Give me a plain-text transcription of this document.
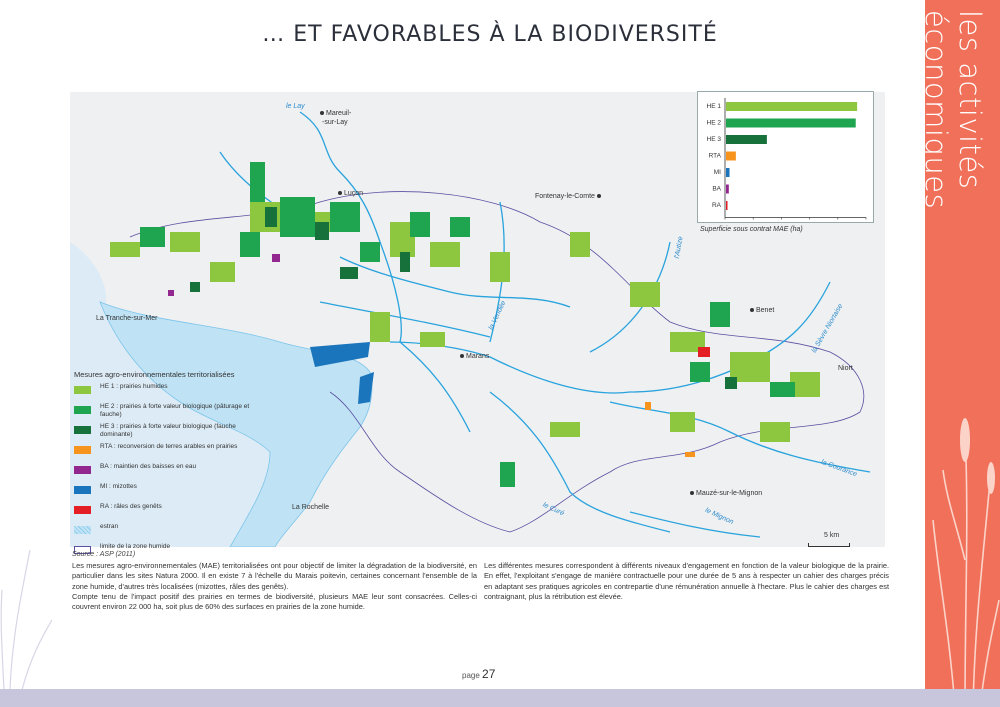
… ET FAVORABLES À LA BIODIVERSITÉ	les activités économiques
Mareuil-
-sur-Lay
Luçon	Fontenay-le-Comte
La Tranche-sur-Mer
Marans
Benet
Niort
La Rochelle
Mauzé-sur-le-Mignon
le Lay
la Vendée
l'Autize
la Sèvre Niortaise
la Courance
le Curé	le Mignon
5 km
HE 1
HE 2
HE 3
RTA
MI
BA
RA
Superficie sous contrat MAE (ha)
Mesures agro-environnementales territorialisées
HE 1 : prairies humides
HE 2 : prairies à forte valeur biologique (pâturage et fauche)
HE 3 : prairies à forte valeur biologique (fauche dominante)
RTA : reconversion de terres arables en prairies
BA : maintien des baisses en eau
MI : mizottes
RA : râles des genêts
estran
limite de la zone humide
Source : ASP (2011)

Les mesures agro-environnementales (MAE) territorialisées ont pour objectif de limiter la dégradation de la biodiversité, en particulier dans les sites Natura 2000. Il en existe 7 à l'échelle du Marais poitevin, certaines concernant l'ensemble de la zone humide, d'autres très localisées (mizottes, râles des genêts).

Compte tenu de l'impact positif des prairies en termes de biodiversité, plusieurs MAE leur sont consacrées. Celles-ci couvrent environ 22 000 ha, soit plus de 60% des surfaces en prairies de la zone humide.

Les différentes mesures correspondent à différents niveaux d'engagement en fonction de la valeur biologique de la prairie. En effet, l'exploitant s'engage de manière contractuelle pour une durée de 5 ans à respecter un cahier des charges précis en adaptant ses pratiques agricoles en contrepartie d'une rémunération annuelle à l'hectare. Plus le cahier des charges est contraignant, plus la rétribution est élevée.

page 27
